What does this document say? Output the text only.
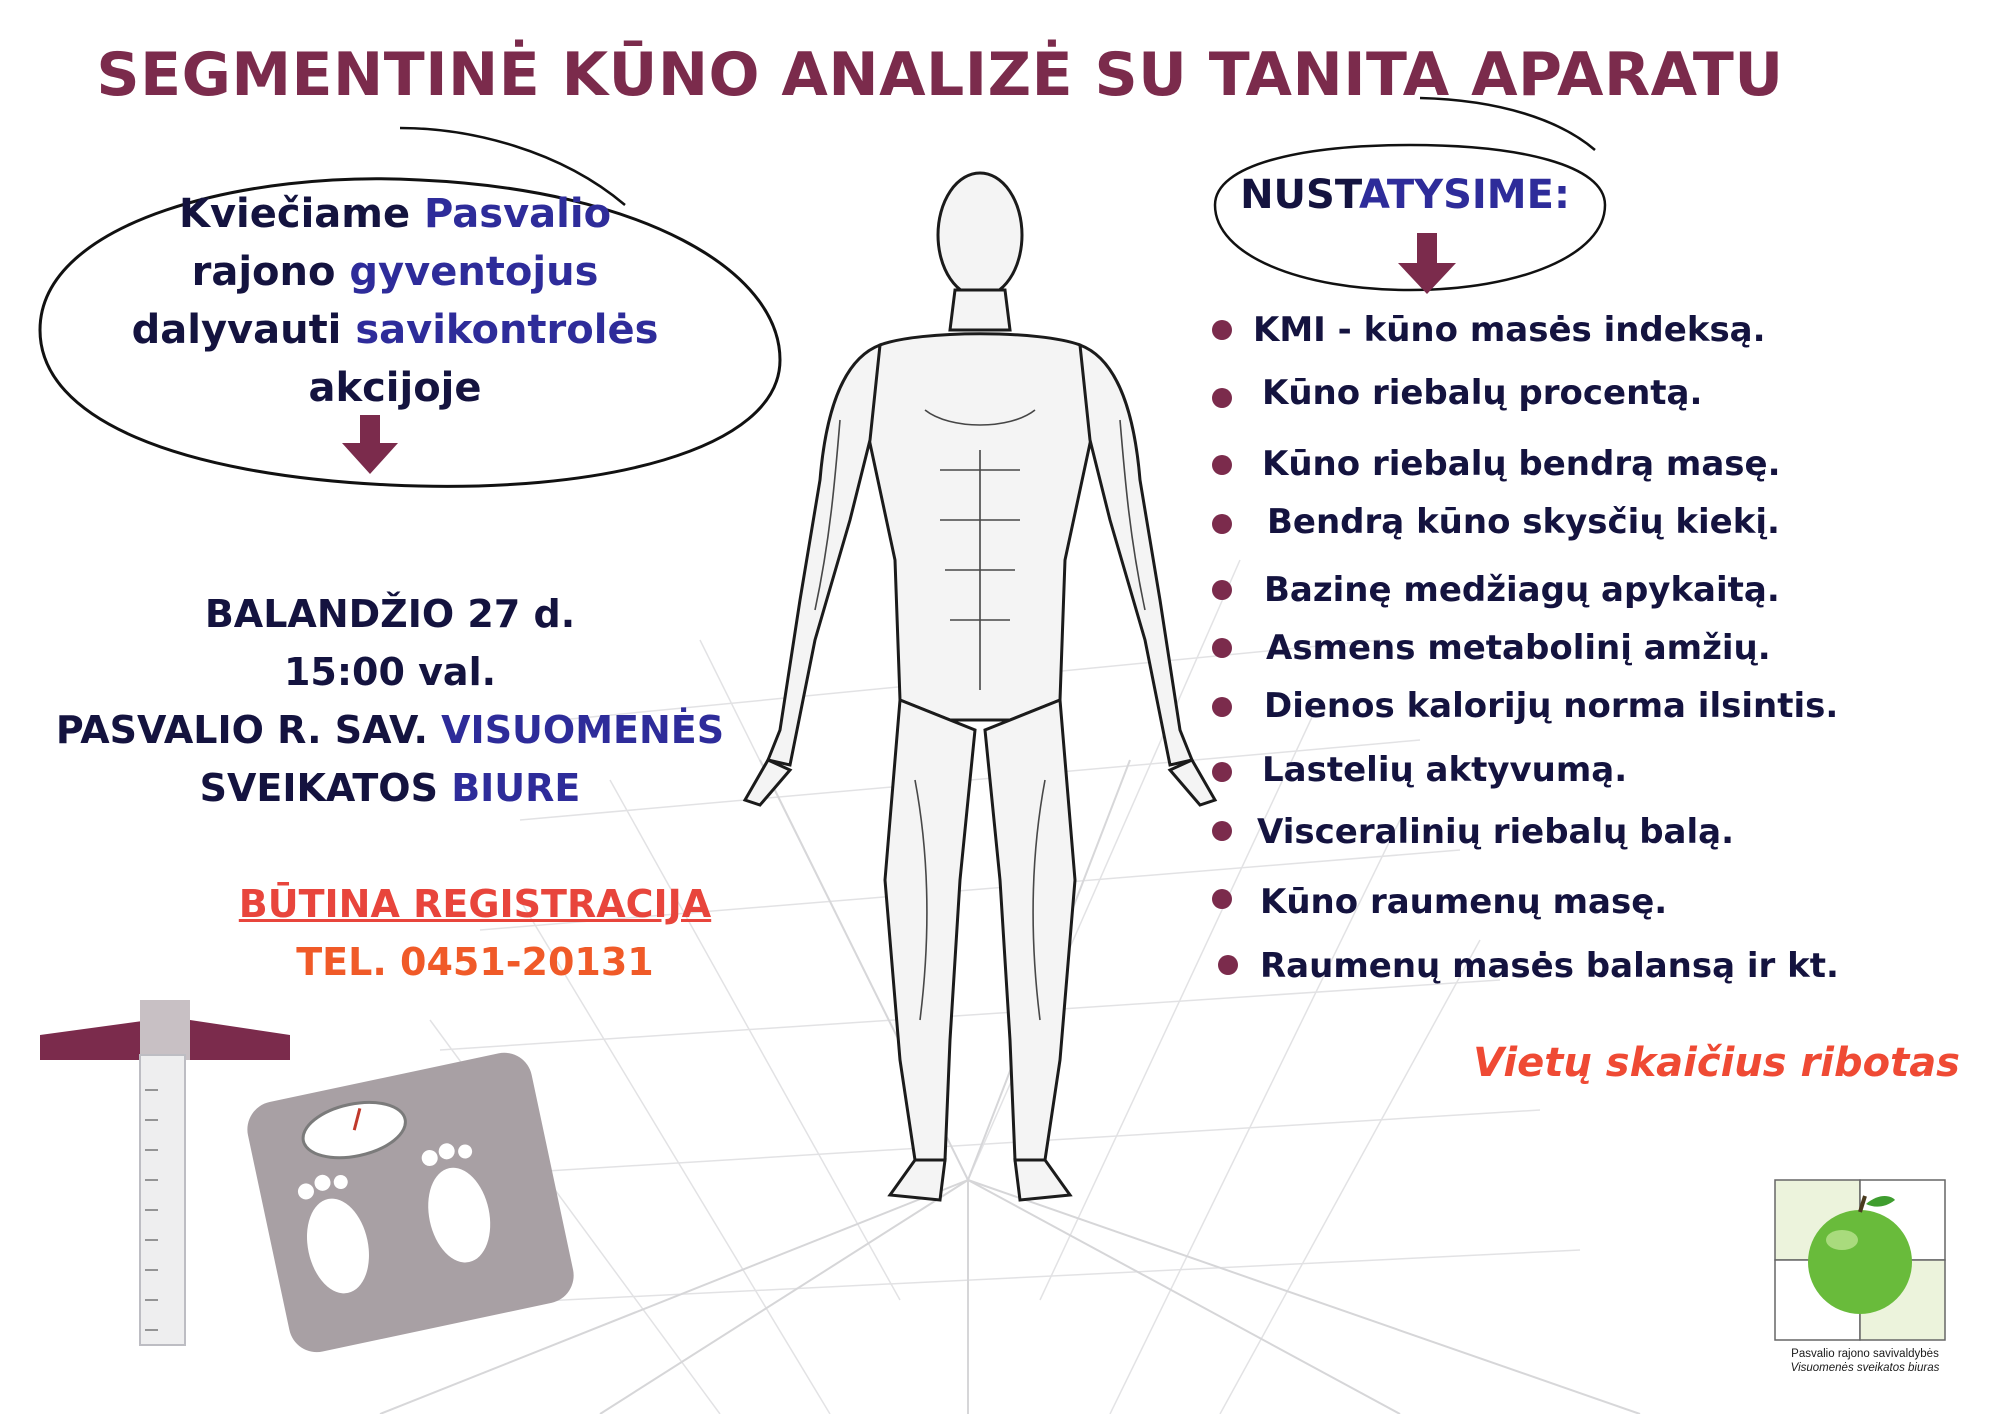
SEGMENTINĖ KŪNO ANALIZĖ SU TANITA APARATU
Kviečiame Pasvalio
rajono gyventojus
dalyvauti savikontrolės
akcijoje
BALANDŽIO 27 d.
15:00 val.
PASVALIO R. SAV. VISUOMENĖS
SVEIKATOS BIURE
BŪTINA REGISTRACIJA
TEL. 0451-20131
NUSTATYSIME:
KMI - kūno masės indeksą.
Kūno riebalų procentą.
Kūno riebalų bendrą masę.
Bendrą kūno skysčių kiekį.
Bazinę medžiagų apykaitą.
Asmens metabolinį amžių.
Dienos kalorijų norma ilsintis.
Lastelių aktyvumą.
Visceralinių riebalų balą.
Kūno raumenų masę.
Raumenų masės balansą ir kt.
Vietų skaičius ribotas
Pasvalio rajono savivaldybės
Visuomenės sveikatos biuras
